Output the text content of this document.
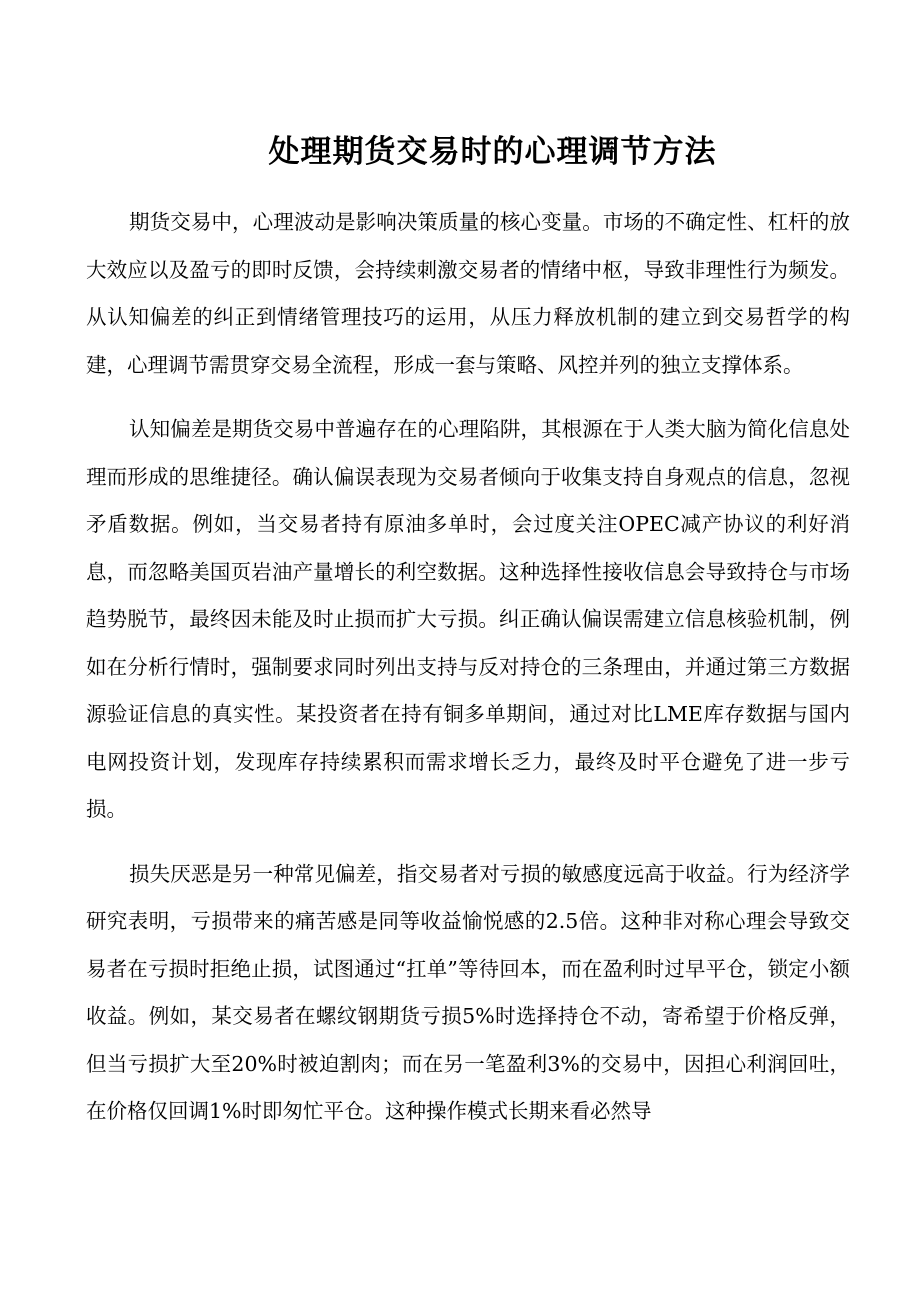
处理期货交易时的心理调节方法

期货交易中，心理波动是影响决策质量的核心变量。市场的不确定性、杠杆的放大效应以及盈亏的即时反馈，会持续刺激交易者的情绪中枢，导致非理性行为频发。从认知偏差的纠正到情绪管理技巧的运用，从压力释放机制的建立到交易哲学的构建，心理调节需贯穿交易全流程，形成一套与策略、风控并列的独立支撑体系。

认知偏差是期货交易中普遍存在的心理陷阱，其根源在于人类大脑为简化信息处理而形成的思维捷径。确认偏误表现为交易者倾向于收集支持自身观点的信息，忽视矛盾数据。例如，当交易者持有原油多单时，会过度关注OPEC减产协议的利好消息，而忽略美国页岩油产量增长的利空数据。这种选择性接收信息会导致持仓与市场趋势脱节，最终因未能及时止损而扩大亏损。纠正确认偏误需建立信息核验机制，例如在分析行情时，强制要求同时列出支持与反对持仓的三条理由，并通过第三方数据源验证信息的真实性。某投资者在持有铜多单期间，通过对比LME库存数据与国内电网投资计划，发现库存持续累积而需求增长乏力，最终及时平仓避免了进一步亏损。

损失厌恶是另一种常见偏差，指交易者对亏损的敏感度远高于收益。行为经济学研究表明，亏损带来的痛苦感是同等收益愉悦感的2.5倍。这种非对称心理会导致交易者在亏损时拒绝止损，试图通过“扛单”等待回本，而在盈利时过早平仓，锁定小额收益。例如，某交易者在螺纹钢期货亏损5%时选择持仓不动，寄希望于价格反弹，但当亏损扩大至20%时被迫割肉；而在另一笔盈利3%的交易中，因担心利润回吐，在价格仅回调1%时即匆忙平仓。这种操作模式长期来看必然导
